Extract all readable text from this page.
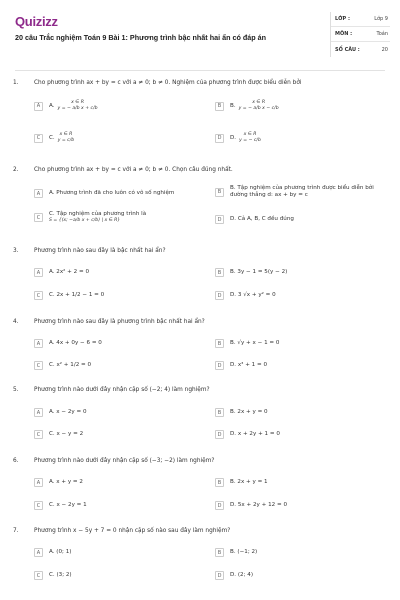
Quizizz
20 câu Trắc nghiệm Toán 9 Bài 1: Phương trình bậc nhất hai ẩn có đáp án
LỚP :	Lớp 9
MÔN :	Toán
SỐ CÂU :	20
1.	Cho phương trình ax + by = c với a ≠ 0; b ≠ 0. Nghiệm của phương trình được biểu diễn bởi
A	A.	x ∈ R
y = − a/b x + c/b	B	B.	x ∈ R
y = − a/b x − c/b
C	C. x ∈ R
y = c/b	D	D. x ∈ R
y = − c/b
2.	Cho phương trình ax + by = c với a ≠ 0; b ≠ 0. Chọn câu đúng nhất.
A	A. Phương trình đã cho luôn có vô số nghiệm	B
B. Tập nghiệm của phương trình được biểu diễn bởi
đường thẳng d: ax + by = c
C
C. Tập nghiệm của phương trình là
S = {(x; −a/b x + c/b) | x ∈ R}	D	D. Cả A, B, C đều đúng
3.	Phương trình nào sau đây là bậc nhất hai ẩn?
A	A. 2x² + 2 = 0	B	B. 3y − 1 = 5(y − 2)
C	C. 2x + 1/2 − 1 = 0	D	D. 3 √x + y² = 0
4.	Phương trình nào sau đây là phương trình bậc nhất hai ẩn?
A	A. 4x + 0y − 6 = 0	B	B. √y + x − 1 = 0
C	C. x² + 1/2 = 0	D	D. x³ + 1 = 0
5.	Phương trình nào dưới đây nhận cặp số (−2; 4) làm nghiệm?
A	A. x − 2y = 0	B	B. 2x + y = 0
C	C. x − y = 2	D	D. x + 2y + 1 = 0
6.	Phương trình nào dưới đây nhận cặp số (−3; −2) làm nghiệm?
A	A. x + y = 2	B	B. 2x + y = 1
C	C. x − 2y = 1	D	D. 5x + 2y + 12 = 0
7.	Phương trình x − 5y + 7 = 0 nhận cặp số nào sau đây làm nghiệm?
A	A. (0; 1)	B	B. (−1; 2)
C	C. (3; 2)	D	D. (2; 4)
